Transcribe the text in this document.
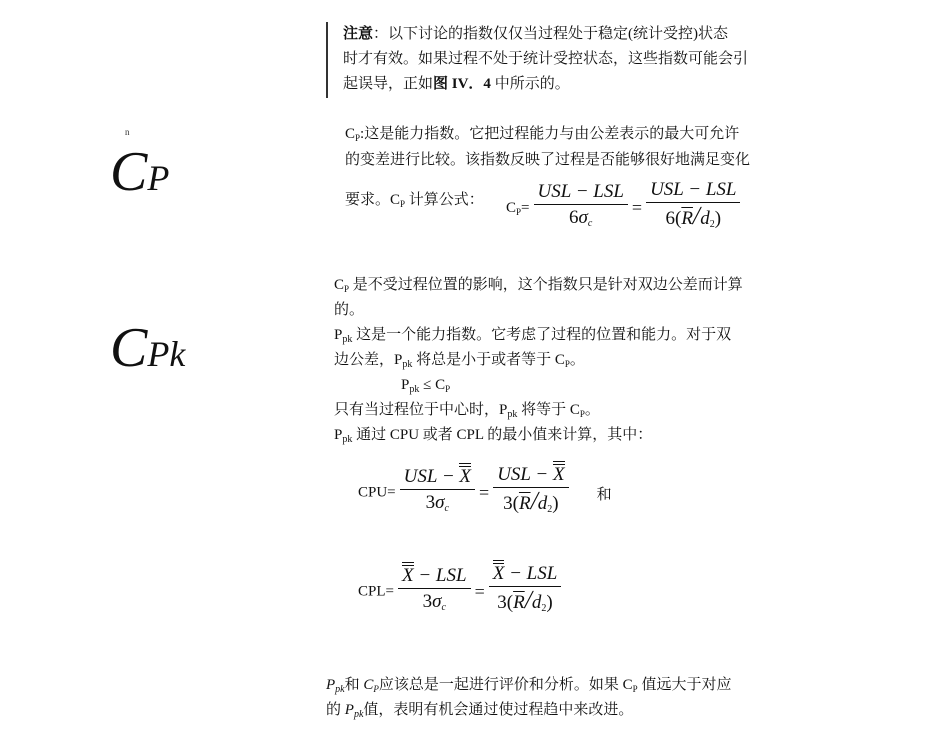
注意：以下讨论的指数仅仅当过程处于稳定(统计受控)状态
时才有效。如果过程不处于统计受控状态，这些指数可能会引
起误导，正如图 IV．4 中所示的。
n
CP
CPk
$C_P$:这是能力指数。它把过程能力与由公差表示的最大可允许
的变差进行比较。该指数反映了过程是否能够很好地满足变化
要求。$C_P$ 计算公式： $C_P= \frac{\text{USL − LSL}}{6\sigma_c} = \frac{\text{USL − LSL}}{6(\overline{R}/d_2)}$
$C_P$ 是不受过程位置的影响，这个指数只是针对双边公差而计算
的。
$P_{pk}$ 这是一个能力指数。它考虑了过程的位置和能力。对于双
边公差，$P_{pk}$ 将总是小于或者等于 $C_P$。
$P_{pk} \le C_P$
只有当过程位于中心时，$P_{pk}$ 将等于 $C_P$。
$P_{pk}$ 通过 CPU 或者 CPL 的最小值来计算，其中：
$CPU= \frac{\text{USL − X}}{3\sigma_c} = \frac{\text{USL − X}}{3(\overline{R}/d_2)}$ 和
$CPL= \frac{\text{X − LSL}}{3\sigma_c} = \frac{\text{X − LSL}}{3(\overline{R}/d_2)}$
$P_{pk}$和 $C_P$应该总是一起进行评价和分析。如果 $C_P$ 值远大于对应
的 $P_{pk}$值，表明有机会通过使过程趋中来改进。
